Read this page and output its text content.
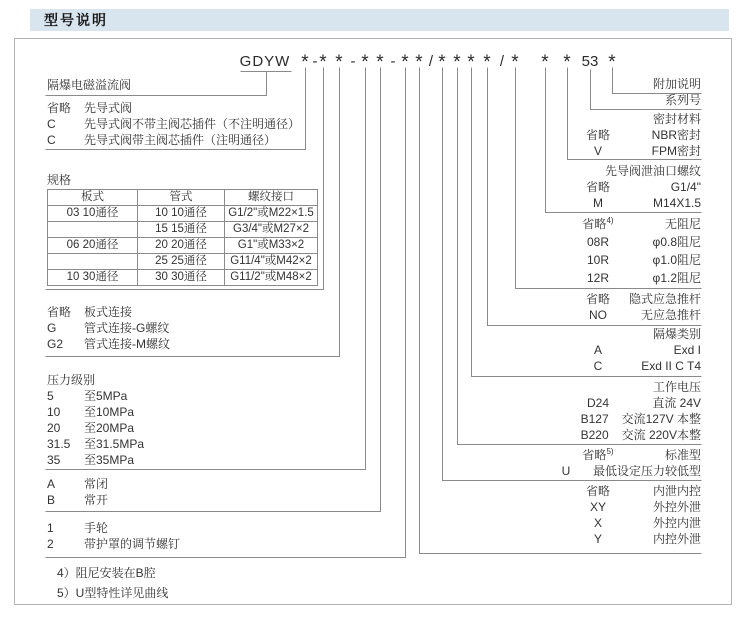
型号说明
GDYW * - * * - * * - * * / * * * * / * * * 53 *
隔爆电磁溢流阀
省略	先导式阀
C	先导式阀不带主阀芯插件（不注明通径）
C	先导式阀带主阀芯插件（注明通径）
规格
板式	管式	螺纹接口
03 10通径	10 10通径	G1/2"或M22×1.5
	15 15通径	G3/4"或M27×2
06 20通径	20 20通径	G1"或M33×2
	25 25通径	G11/4"或M42×2
10 30通径	30 30通径	G11/2"或M48×2
省略	板式连接
G	管式连接-G螺纹
G2	管式连接-M螺纹
压力级别
5	至5MPa
10	至10MPa
20	至20MPa
31.5	至31.5MPa
35	至35MPa
A	常闭
B	常开
1	手轮
2	带护罩的调节螺钉
4）阻尼安装在B腔
5）U型特性详见曲线
附加说明
系列号
密封材料
省略	NBR密封
V	FPM密封
先导阀泄油口螺纹
省略	G1/4"
M	M14X1.5
省略$^{4)}$	无阻尼
08R	φ0.8阻尼
10R	φ1.0阻尼
12R	φ1.2阻尼
省略	隐式应急推杆
NO	无应急推杆
隔爆类别
A	Exd I
C	Exd II C T4
工作电压
D24	直流 24V
B127 交流127V 本整
B220 交流 220V本整
省略$^{5)}$	标准型
U	最低设定压力较低型
省略	内泄内控
XY	外控外泄
X	外控内泄
Y	内控外泄
